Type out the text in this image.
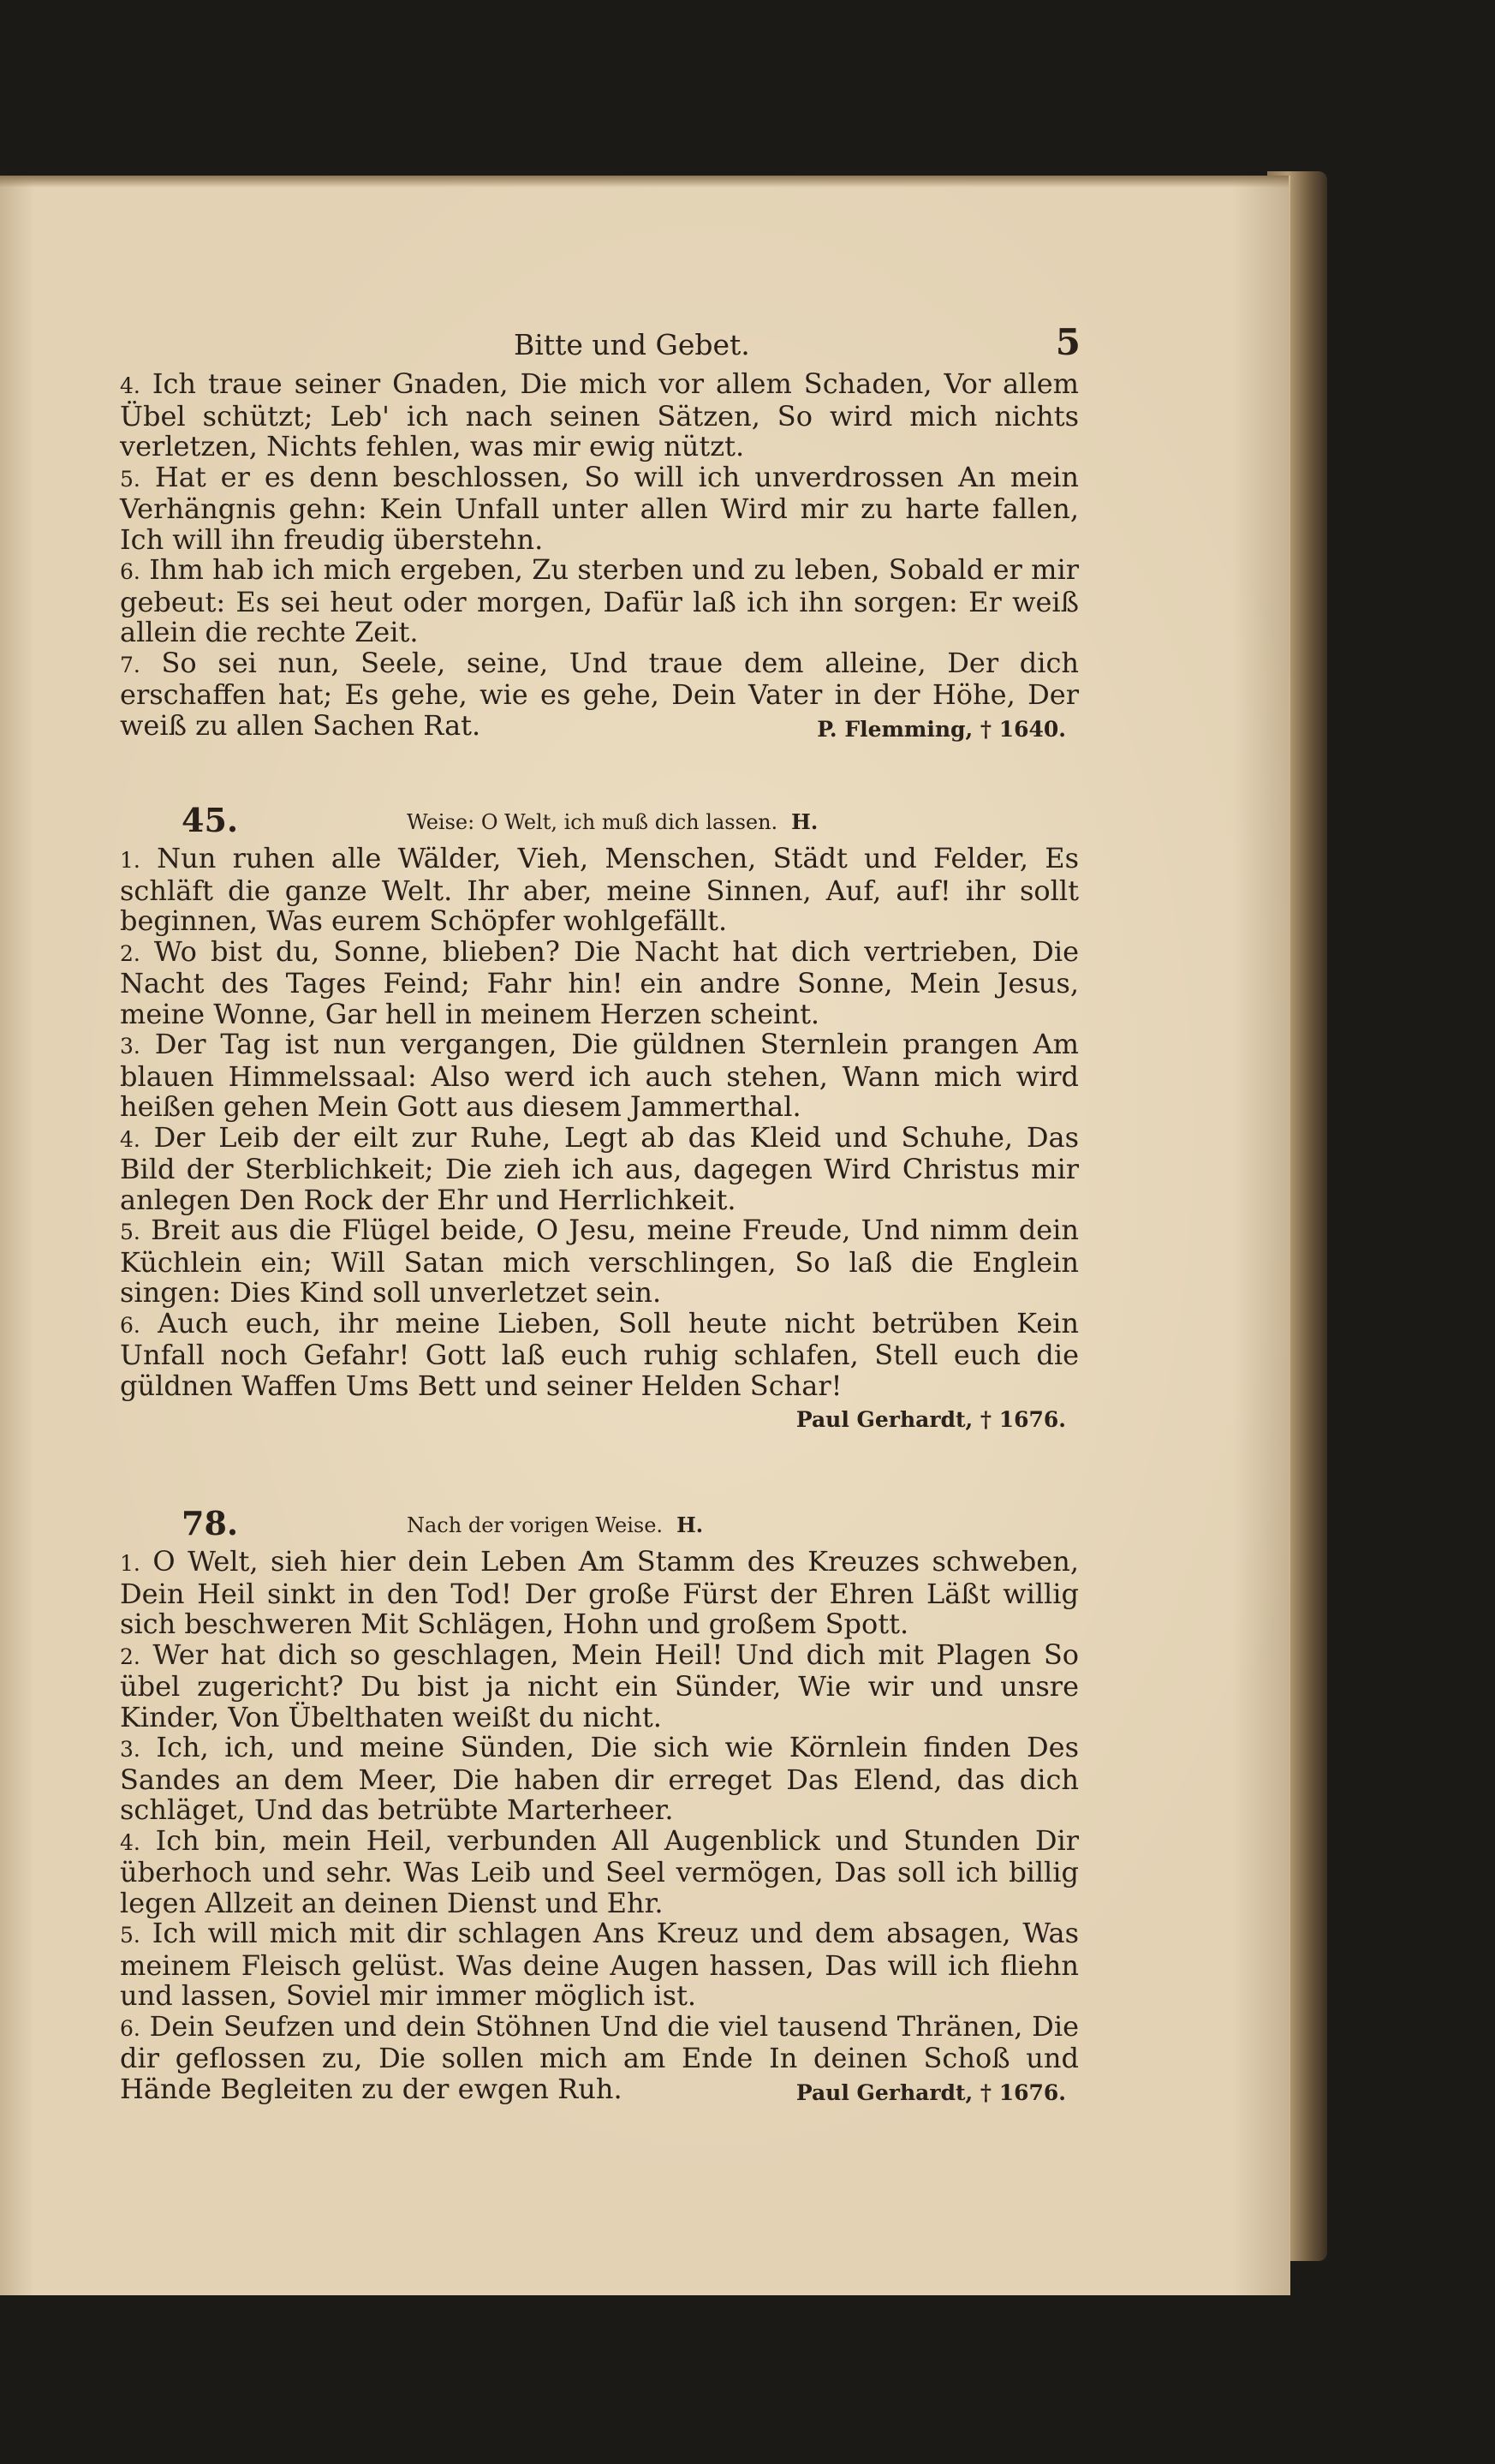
Bitte und Gebet.	5

4. Ich traue seiner Gnaden, Die mich vor allem Schaden, Vor allem Übel schützt; Leb' ich nach seinen Sätzen, So wird mich nichts verletzen, Nichts fehlen, was mir ewig nützt.

5. Hat er es denn beschlossen, So will ich unverdrossen An mein Verhängnis gehn: Kein Unfall unter allen Wird mir zu harte fallen, Ich will ihn freudig überstehn.

6. Ihm hab ich mich ergeben, Zu sterben und zu leben, Sobald er mir gebeut: Es sei heut oder morgen, Dafür laß ich ihn sorgen: Er weiß allein die rechte Zeit.

7. So sei nun, Seele, seine, Und traue dem alleine, Der dich erschaffen hat; Es gehe, wie es gehe, Dein Vater in der Höhe, Der weiß zu allen Sachen Rat.	P. Flemming, † 1640.

45.	Weise: O Welt, ich muß dich lassen. H.

1. Nun ruhen alle Wälder, Vieh, Menschen, Städt und Felder, Es schläft die ganze Welt. Ihr aber, meine Sinnen, Auf, auf! ihr sollt beginnen, Was eurem Schöpfer wohlgefällt.

2. Wo bist du, Sonne, blieben? Die Nacht hat dich vertrieben, Die Nacht des Tages Feind; Fahr hin! ein andre Sonne, Mein Jesus, meine Wonne, Gar hell in meinem Herzen scheint.

3. Der Tag ist nun vergangen, Die güldnen Sternlein prangen Am blauen Himmelssaal: Also werd ich auch stehen, Wann mich wird heißen gehen Mein Gott aus diesem Jammerthal.

4. Der Leib der eilt zur Ruhe, Legt ab das Kleid und Schuhe, Das Bild der Sterblichkeit; Die zieh ich aus, dagegen Wird Christus mir anlegen Den Rock der Ehr und Herrlichkeit.

5. Breit aus die Flügel beide, O Jesu, meine Freude, Und nimm dein Küchlein ein; Will Satan mich verschlingen, So laß die Englein singen: Dies Kind soll unverletzet sein.

6. Auch euch, ihr meine Lieben, Soll heute nicht betrüben Kein Unfall noch Gefahr! Gott laß euch ruhig schlafen, Stell euch die güldnen Waffen Ums Bett und seiner Helden Schar!
Paul Gerhardt, † 1676.

78.	Nach der vorigen Weise. H.

1. O Welt, sieh hier dein Leben Am Stamm des Kreuzes schweben, Dein Heil sinkt in den Tod! Der große Fürst der Ehren Läßt willig sich beschweren Mit Schlägen, Hohn und großem Spott.

2. Wer hat dich so geschlagen, Mein Heil! Und dich mit Plagen So übel zugericht? Du bist ja nicht ein Sünder, Wie wir und unsre Kinder, Von Übelthaten weißt du nicht.

3. Ich, ich, und meine Sünden, Die sich wie Körnlein finden Des Sandes an dem Meer, Die haben dir erreget Das Elend, das dich schläget, Und das betrübte Marterheer.

4. Ich bin, mein Heil, verbunden All Augenblick und Stunden Dir überhoch und sehr. Was Leib und Seel vermögen, Das soll ich billig legen Allzeit an deinen Dienst und Ehr.

5. Ich will mich mit dir schlagen Ans Kreuz und dem absagen, Was meinem Fleisch gelüst. Was deine Augen hassen, Das will ich fliehn und lassen, Soviel mir immer möglich ist.

6. Dein Seufzen und dein Stöhnen Und die viel tausend Thränen, Die dir geflossen zu, Die sollen mich am Ende In deinen Schoß und Hände Begleiten zu der ewgen Ruh.	Paul Gerhardt, † 1676.
